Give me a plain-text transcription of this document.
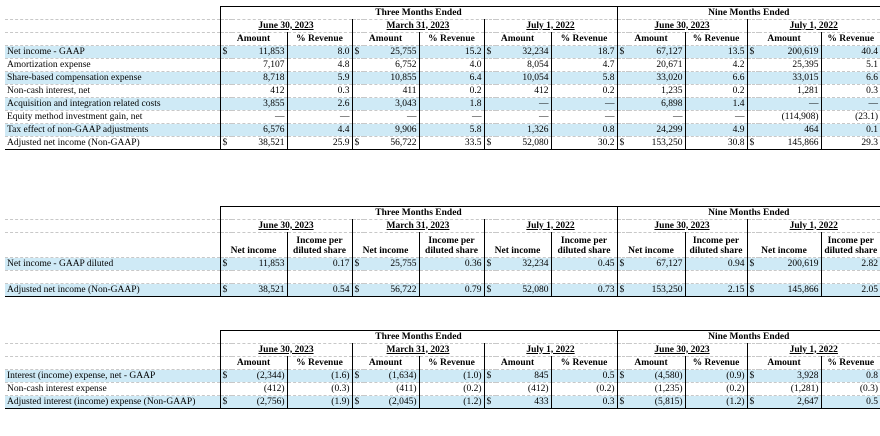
	Three Months Ended									Nine Months Ended					
	June 30, 2023			March 31, 2023			July 1, 2022			June 30, 2023			July 1, 2022		
	Amount		% Revenue	Amount		% Revenue	Amount		% Revenue	Amount		% Revenue	Amount		% Revenue
Net income - GAAP	$	11,853	8.0	$	25,755	15.2	$	32,234	18.7	$	67,127	13.5	$	200,619	40.4
Amortization expense		7,107	4.8		6,752	4.0		8,054	4.7		20,671	4.2		25,395	5.1
Share-based compensation expense		8,718	5.9		10,855	6.4		10,054	5.8		33,020	6.6		33,015	6.6
Non-cash interest, net		412	0.3		411	0.2		412	0.2		1,235	0.2		1,281	0.3
Acquisition and integration related costs		3,855	2.6		3,043	1.8		—	—		6,898	1.4		—	—
Equity method investment gain, net		—	—		—	—		—	—		—	—		(114,908)	(23.1)
Tax effect of non-GAAP adjustments		6,576	4.4		9,906	5.8		1,326	0.8		24,299	4.9		464	0.1
Adjusted net income (Non-GAAP)	$	38,521	25.9	$	56,722	33.5	$	52,080	30.2	$	153,250	30.8	$	145,866	29.3
	Three Months Ended									Nine Months Ended					
	June 30, 2023			March 31, 2023			July 1, 2022			June 30, 2023			July 1, 2022		
	Net income		Income per diluted share	Net income		Income per diluted share	Net income		Income per diluted share	Net income		Income per diluted share	Net income		Income per diluted share
Net income - GAAP diluted	$	11,853	0.17	$	25,755	0.36	$	32,234	0.45	$	67,127	0.94	$	200,619	2.82

Adjusted net income (Non-GAAP)	$	38,521	0.54	$	56,722	0.79	$	52,080	0.73	$	153,250	2.15	$	145,866	2.05
	Three Months Ended									Nine Months Ended					
	June 30, 2023			March 31, 2023			July 1, 2022			June 30, 2023			July 1, 2022		
	Amount		% Revenue	Amount		% Revenue	Amount		% Revenue	Amount		% Revenue	Amount		% Revenue
Interest (income) expense, net - GAAP	$	(2,344)	(1.6)	$	(1,634)	(1.0)	$	845	0.5	$	(4,580)	(0.9)	$	3,928	0.8
Non-cash interest expense		(412)	(0.3)		(411)	(0.2)		(412)	(0.2)		(1,235)	(0.2)		(1,281)	(0.3)
Adjusted interest (income) expense (Non-GAAP)	$	(2,756)	(1.9)	$	(2,045)	(1.2)	$	433	0.3	$	(5,815)	(1.2)	$	2,647	0.5
